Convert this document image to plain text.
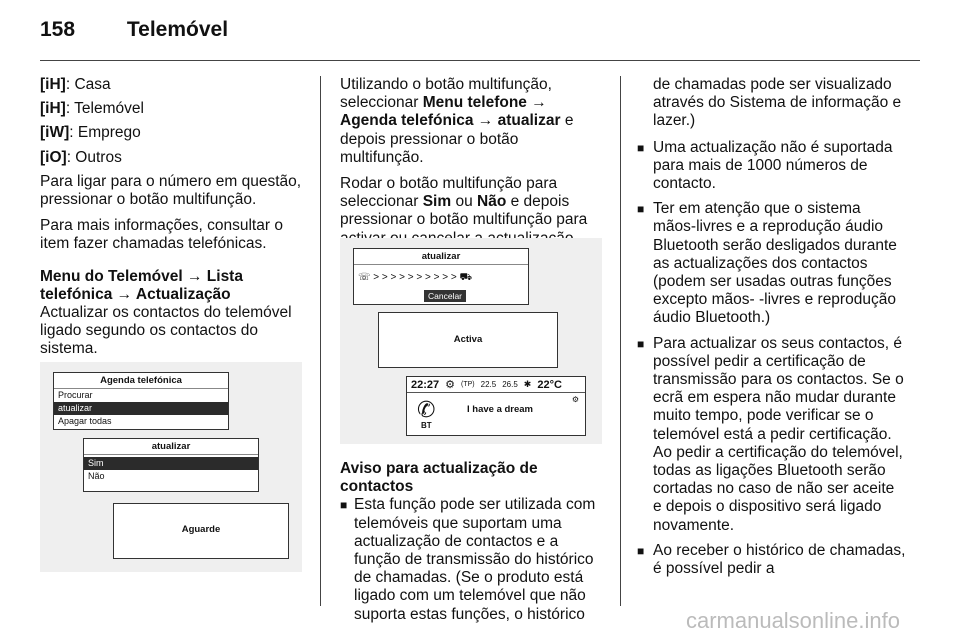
158 Telemóvel

[iH]: Casa

[iH]: Telemóvel

[iW]: Emprego

[iO]: Outros

Para ligar para o número em questão, pressionar o botão multifunção.

Para mais informações, consultar o item fazer chamadas telefónicas.

Menu do Telemóvel → Lista telefónica → Actualização

Actualizar os contactos do telemóvel ligado segundo os contactos do sistema.

Agenda telefónica
Procurar
atualizar
Apagar todas
atualizar
Sim
Não
Aguarde

Utilizando o botão multifunção, seleccionar Menu telefone → Agenda telefónica → atualizar e depois pressionar o botão multifunção.

Rodar o botão multifunção para seleccionar Sim ou Não e depois pressionar o botão multifunção para

atualizar
☏ > > > > > > > > > > ⛟
Cancelar
Activa
22:27 ⚙ (TP) 22.5 26.5 ✱ 22°C
✆	I have a dream
BT
⚙
Aviso para actualização de contactos
■ Esta função pode ser utilizada com telemóveis que suportam uma actualização de contactos e a função de transmissão do histórico de chamadas. (Se o produto está ligado com um telemóvel que não suporta estas funções, o histórico

de chamadas pode ser visualizado através do Sistema de informação e lazer.)

■ Uma actualização não é suportada para mais de 1000 números de contacto.
■ Ter em atenção que o sistema mãos-livres e a reprodução áudio Bluetooth serão desligados durante as actualizações dos contactos (podem ser usadas outras funções excepto mãos- -livres e reprodução áudio Bluetooth.)
■ Para actualizar os seus contactos, é possível pedir a certificação de transmissão para os contactos. Se o ecrã em espera não mudar durante muito tempo, pode verificar se o telemóvel está a pedir certificação. Ao pedir a certificação do telemóvel, todas as ligações Bluetooth serão cortadas no caso de não ser aceite e depois o dispositivo será ligado novamente.
■ Ao receber o histórico de chamadas, é possível pedir a
carmanualsonline.info
